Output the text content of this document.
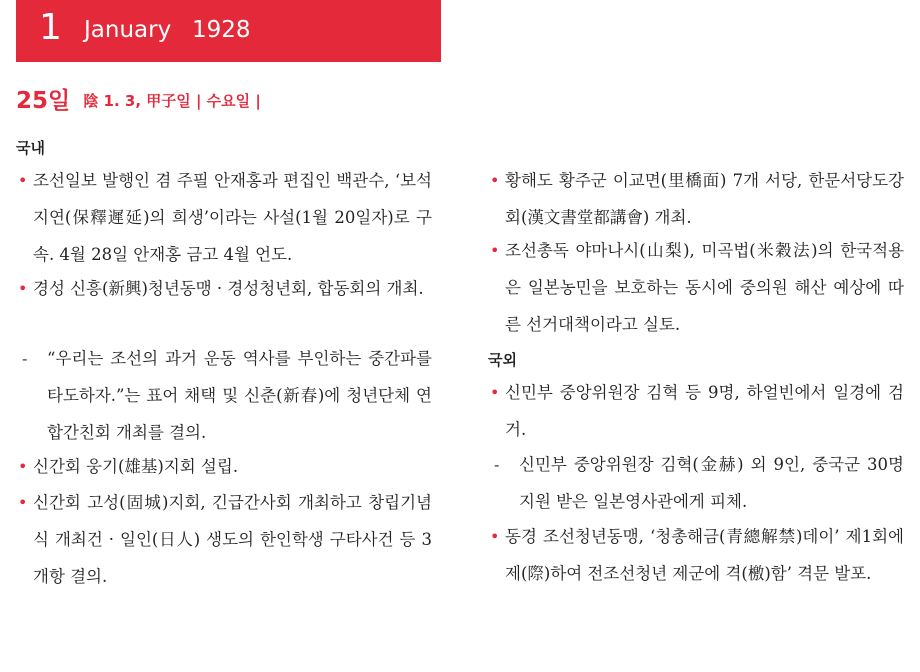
1 January 1928
25일 陰 1. 3, 甲子일 | 수요일 |
국내
• 조선일보 발행인 겸 주필 안재홍과 편집인 백관수, ‘보석지연(保釋遲延)의 희생’이라는 사설(1월 20일자)로 구속. 4월 28일 안재홍 금고 4월 언도.
• 경성 신흥(新興)청년동맹 · 경성청년회, 합동회의 개최.
-	“우리는 조선의 과거 운동 역사를 부인하는 중간파를 타도하자.”는 표어 채택 및 신춘(新春)에 청년단체 연합간친회 개최를 결의.
• 신간회 웅기(雄基)지회 설립.
• 신간회 고성(固城)지회, 긴급간사회 개최하고 창립기념식 개최건 · 일인(日人) 생도의 한인학생 구타사건 등 3개항 결의.
• 황해도 황주군 이교면(里橋面) 7개 서당, 한문서당도강회(漢文書堂都講會) 개최.
• 조선총독 야마나시(山梨), 미곡법(米穀法)의 한국적용은 일본농민을 보호하는 동시에 중의원 해산 예상에 따른 선거대책이라고 실토.
국외
• 신민부 중앙위원장 김혁 등 9명, 하얼빈에서 일경에 검거.
-	신민부 중앙위원장 김혁(金赫) 외 9인, 중국군 30명 지원 받은 일본영사관에게 피체.
• 동경 조선청년동맹, ‘청총해금(青總解禁)데이’ 제1회에 제(際)하여 전조선청년 제군에 격(檄)함’ 격문 발포.
